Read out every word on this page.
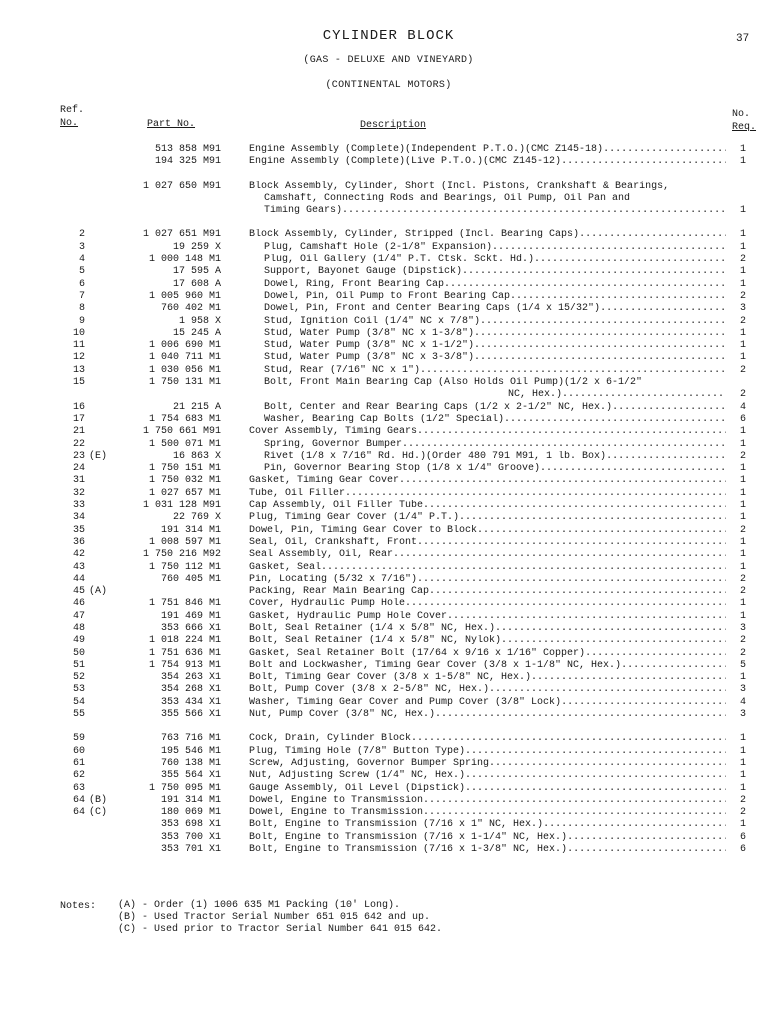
CYLINDER BLOCK	37
(GAS - DELUXE AND VINEYARD)
(CONTINENTAL MOTORS)
Ref.
No.	Part No.	Description
No.
Req.
513 858 M91	Engine Assembly (Complete)(Independent P.T.O.)(CMC Z145-18) .....	1
194 325 M91	Engine Assembly (Complete)(Live P.T.O.)(CMC Z145-12) .....	1
1 027 650 M91	Block Assembly, Cylinder, Short (Incl. Pistons, Crankshaft & Bearings,
Camshaft, Connecting Rods and Bearings, Oil Pump, Oil Pan and
Timing Gears) .....	1
2	1 027 651 M91	Block Assembly, Cylinder, Stripped (Incl. Bearing Caps) .....	1
3	19 259 X	Plug, Camshaft Hole (2-1/8" Expansion) .....	1
4	1 000 148 M1	Plug, Oil Gallery (1/4" P.T. Ctsk. Sckt. Hd.) .....	2
5	17 595 A	Support, Bayonet Gauge (Dipstick) .....	1
6	17 608 A	Dowel, Ring, Front Bearing Cap .....	1
7	1 005 960 M1	Dowel, Pin, Oil Pump to Front Bearing Cap .....	2
8	760 402 M1	Dowel, Pin, Front and Center Bearing Caps (1/4 x 15/32") .....	3
9	1 958 X	Stud, Ignition Coil (1/4" NC x 7/8") .....	2
10	15 245 A	Stud, Water Pump (3/8" NC x 1-3/8") .....	1
11	1 006 690 M1	Stud, Water Pump (3/8" NC x 1-1/2") .....	1
12	1 040 711 M1	Stud, Water Pump (3/8" NC x 3-3/8") .....	1
13	1 030 056 M1	Stud, Rear (7/16" NC x 1") .....	2
15	1 750 131 M1	Bolt, Front Main Bearing Cap (Also Holds Oil Pump)(1/2 x 6-1/2"
NC, Hex.) .....	2
16	21 215 A	Bolt, Center and Rear Bearing Caps (1/2 x 2-1/2" NC, Hex.) .....	4
17	1 754 683 M1	Washer, Bearing Cap Bolts (1/2" Special) .....	6
21	1 750 661 M91	Cover Assembly, Timing Gears .....	1
22	1 500 071 M1	Spring, Governor Bumper .....	1
23 (E)	16 863 X	Rivet (1/8 x 7/16" Rd. Hd.)(Order 480 791 M91, 1 lb. Box) .....	2
24	1 750 151 M1	Pin, Governor Bearing Stop (1/8 x 1/4" Groove) .....	1
31	1 750 032 M1	Gasket, Timing Gear Cover .....	1
32	1 027 657 M1	Tube, Oil Filler .....	1
33	1 031 128 M91	Cap Assembly, Oil Filler Tube .....	1
34	22 769 X	Plug, Timing Gear Cover (1/4" P.T.) .....	1
35	191 314 M1	Dowel, Pin, Timing Gear Cover to Block .....	2
36	1 008 597 M1	Seal, Oil, Crankshaft, Front .....	1
42	1 750 216 M92	Seal Assembly, Oil, Rear .....	1
43	1 750 112 M1	Gasket, Seal .....	1
44	760 405 M1	Pin, Locating (5/32 x 7/16") .....	2
45 (A)	Packing, Rear Main Bearing Cap .....	2
46	1 751 846 M1	Cover, Hydraulic Pump Hole .....	1
47	191 469 M1	Gasket, Hydraulic Pump Hole Cover .....	1
48	353 666 X1	Bolt, Seal Retainer (1/4 x 5/8" NC, Hex.) .....	3
49	1 018 224 M1	Bolt, Seal Retainer (1/4 x 5/8" NC, Nylok) .....	2
50	1 751 636 M1	Gasket, Seal Retainer Bolt (17/64 x 9/16 x 1/16" Copper) .....	2
51	1 754 913 M1	Bolt and Lockwasher, Timing Gear Cover (3/8 x 1-1/8" NC, Hex.) .....	5
52	354 263 X1	Bolt, Timing Gear Cover (3/8 x 1-5/8" NC, Hex.) .....	1
53	354 268 X1	Bolt, Pump Cover (3/8 x 2-5/8" NC, Hex.) .....	3
54	353 434 X1	Washer, Timing Gear Cover and Pump Cover (3/8" Lock) .....	4
55	355 566 X1	Nut, Pump Cover (3/8" NC, Hex.) .....	3
59	763 716 M1	Cock, Drain, Cylinder Block .....	1
60	195 546 M1	Plug, Timing Hole (7/8" Button Type) .....	1
61	760 138 M1	Screw, Adjusting, Governor Bumper Spring .....	1
62	355 564 X1	Nut, Adjusting Screw (1/4" NC, Hex.) .....	1
63	1 750 095 M1	Gauge Assembly, Oil Level (Dipstick) .....	1
64 (B)	191 314 M1	Dowel, Engine to Transmission .....	2
64 (C)	180 069 M1	Dowel, Engine to Transmission .....	2
353 698 X1	Bolt, Engine to Transmission (7/16 x 1" NC, Hex.) .....	1
353 700 X1	Bolt, Engine to Transmission (7/16 x 1-1/4" NC, Hex.) .....	6
353 701 X1	Bolt, Engine to Transmission (7/16 x 1-3/8" NC, Hex.) .....	6
Notes: (A) - Order (1) 1006 635 M1 Packing (10' Long).
(B) - Used Tractor Serial Number 651 015 642 and up.
(C) - Used prior to Tractor Serial Number 641 015 642.
